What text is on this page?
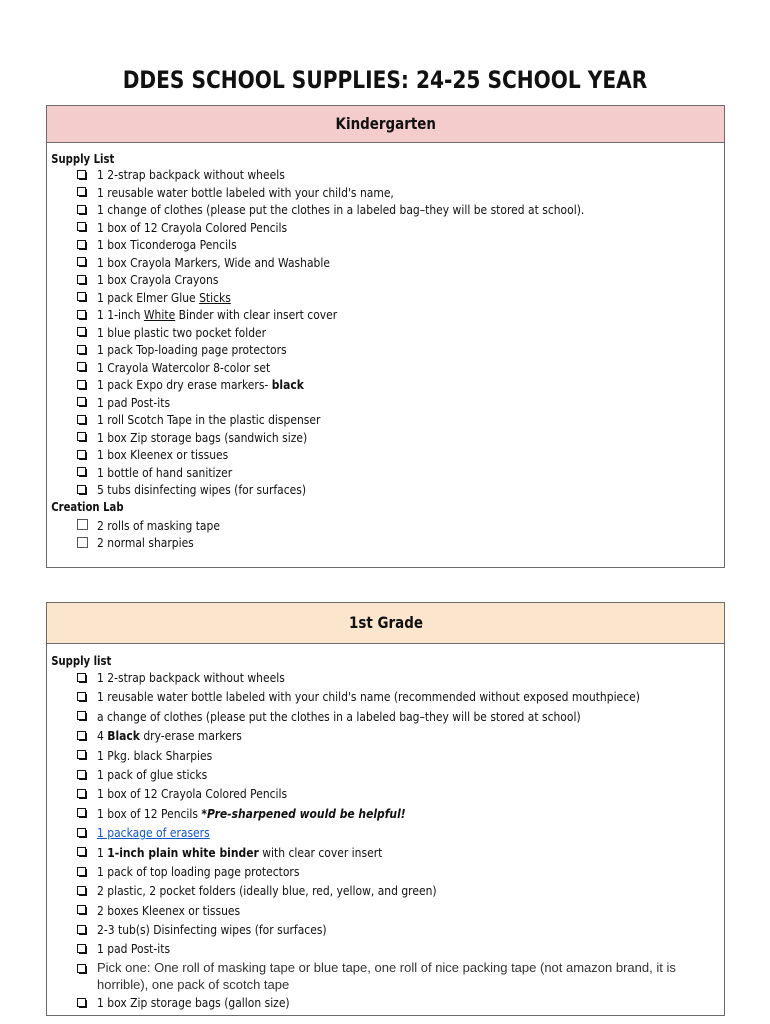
DDES SCHOOL SUPPLIES: 24-25 SCHOOL YEAR
Kindergarten
Supply List
1 2-strap backpack without wheels
1 reusable water bottle labeled with your child's name,
1 change of clothes (please put the clothes in a labeled bag–they will be stored at school).
1 box of 12 Crayola Colored Pencils
1 box Ticonderoga Pencils
1 box Crayola Markers, Wide and Washable
1 box Crayola Crayons
1 pack Elmer Glue Sticks
1 1-inch White Binder with clear insert cover
1 blue plastic two pocket folder
1 pack Top-loading page protectors
1 Crayola Watercolor 8-color set
1 pack Expo dry erase markers- black
1 pad Post-its
1 roll Scotch Tape in the plastic dispenser
1 box Zip storage bags (sandwich size)
1 box Kleenex or tissues
1 bottle of hand sanitizer
5 tubs disinfecting wipes (for surfaces)
Creation Lab
2 rolls of masking tape
2 normal sharpies
1st Grade
Supply list
1 2-strap backpack without wheels
1 reusable water bottle labeled with your child's name (recommended without exposed mouthpiece)
a change of clothes (please put the clothes in a labeled bag–they will be stored at school)
4 Black dry-erase markers
1 Pkg. black Sharpies
1 pack of glue sticks
1 box of 12 Crayola Colored Pencils
1 box of 12 Pencils *Pre-sharpened would be helpful!
1 package of erasers
1 1-inch plain white binder with clear cover insert
1 pack of top loading page protectors
2 plastic, 2 pocket folders (ideally blue, red, yellow, and green)
2 boxes Kleenex or tissues
2-3 tub(s) Disinfecting wipes (for surfaces)
1 pad Post-its
Pick one: One roll of masking tape or blue tape, one roll of nice packing tape (not amazon brand, it is horrible), one pack of scotch tape
1 box Zip storage bags (gallon size)
